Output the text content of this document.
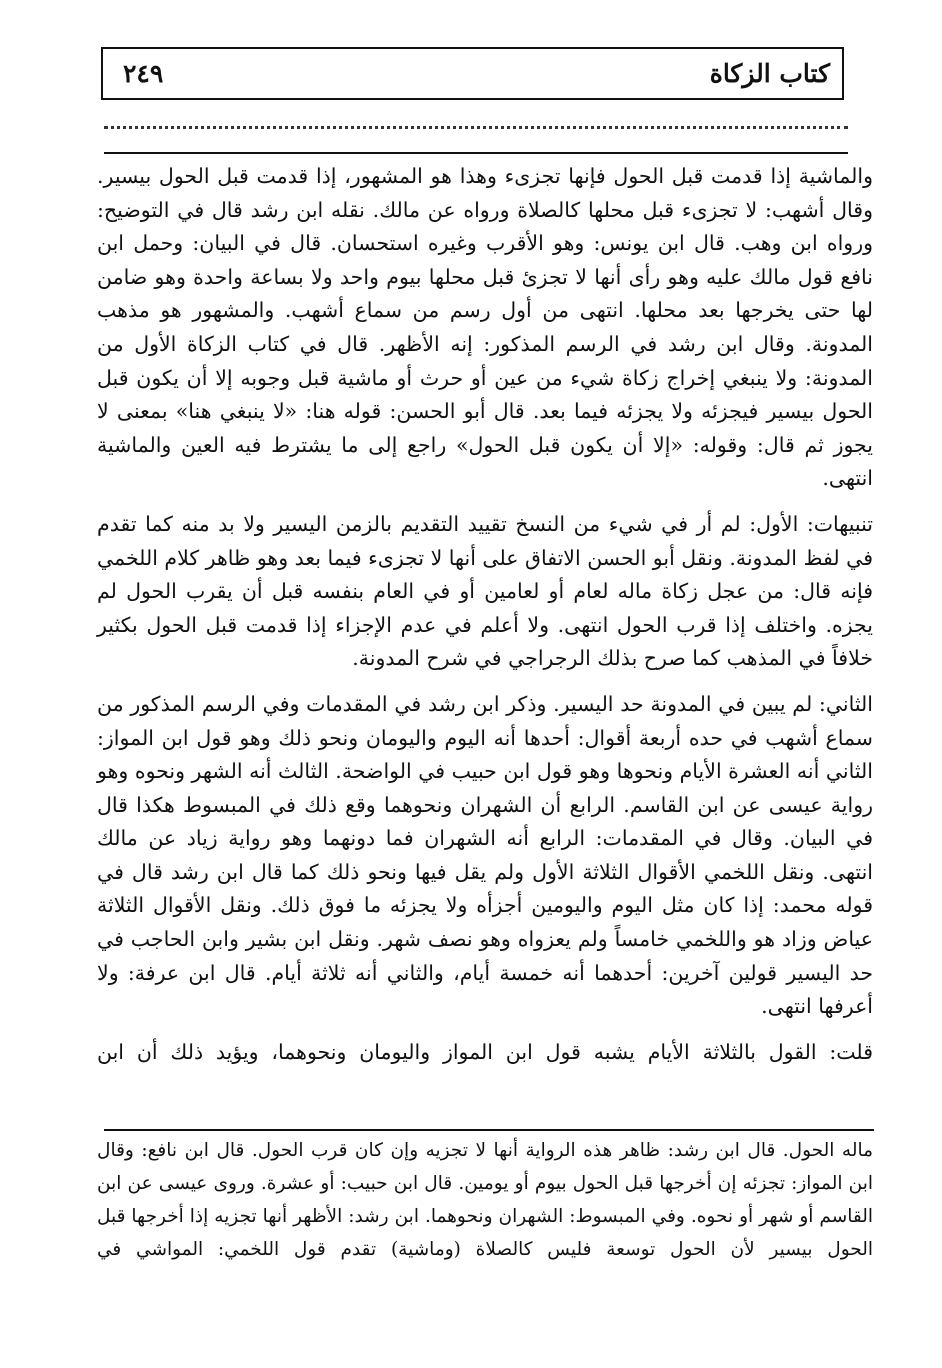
كتاب الزكاة
٢٤٩

والماشية إذا قدمت قبل الحول فإنها تجزىء وهذا هو المشهور، إذا قدمت قبل الحول بيسير. وقال أشهب: لا تجزىء قبل محلها كالصلاة ورواه عن مالك. نقله ابن رشد قال في التوضيح: ورواه ابن وهب. قال ابن يونس: وهو الأقرب وغيره استحسان. قال في البيان: وحمل ابن نافع قول مالك عليه وهو رأى أنها لا تجزئ قبل محلها بيوم واحد ولا بساعة واحدة وهو ضامن لها حتى يخرجها بعد محلها. انتهى من أول رسم من سماع أشهب. والمشهور هو مذهب المدونة. وقال ابن رشد في الرسم المذكور: إنه الأظهر. قال في كتاب الزكاة الأول من المدونة: ولا ينبغي إخراج زكاة شيء من عين أو حرث أو ماشية قبل وجوبه إلا أن يكون قبل الحول بيسير فيجزئه ولا يجزئه فيما بعد. قال أبو الحسن: قوله هنا: «لا ينبغي هنا» بمعنى لا يجوز ثم قال: وقوله: «إلا أن يكون قبل الحول» راجع إلى ما يشترط فيه العين والماشية انتهى.

تنبيهات: الأول: لم أر في شيء من النسخ تقييد التقديم بالزمن اليسير ولا بد منه كما تقدم في لفظ المدونة. ونقل أبو الحسن الاتفاق على أنها لا تجزىء فيما بعد وهو ظاهر كلام اللخمي فإنه قال: من عجل زكاة ماله لعام أو لعامين أو في العام بنفسه قبل أن يقرب الحول لم يجزه. واختلف إذا قرب الحول انتهى. ولا أعلم في عدم الإجزاء إذا قدمت قبل الحول بكثير خلافاً في المذهب كما صرح بذلك الرجراجي في شرح المدونة.

الثاني: لم يبين في المدونة حد اليسير. وذكر ابن رشد في المقدمات وفي الرسم المذكور من سماع أشهب في حده أربعة أقوال: أحدها أنه اليوم واليومان ونحو ذلك وهو قول ابن المواز: الثاني أنه العشرة الأيام ونحوها وهو قول ابن حبيب في الواضحة. الثالث أنه الشهر ونحوه وهو رواية عيسى عن ابن القاسم. الرابع أن الشهران ونحوهما وقع ذلك في المبسوط هكذا قال في البيان. وقال في المقدمات: الرابع أنه الشهران فما دونهما وهو رواية زياد عن مالك انتهى. ونقل اللخمي الأقوال الثلاثة الأول ولم يقل فيها ونحو ذلك كما قال ابن رشد قال في قوله محمد: إذا كان مثل اليوم واليومين أجزأه ولا يجزئه ما فوق ذلك. ونقل الأقوال الثلاثة عياض وزاد هو واللخمي خامساً ولم يعزواه وهو نصف شهر. ونقل ابن بشير وابن الحاجب في حد اليسير قولين آخرين: أحدهما أنه خمسة أيام، والثاني أنه ثلاثة أيام. قال ابن عرفة: ولا أعرفها انتهى.

قلت: القول بالثلاثة الأيام يشبه قول ابن المواز واليومان ونحوهما، ويؤيد ذلك أن ابن

ماله الحول. قال ابن رشد: ظاهر هذه الرواية أنها لا تجزيه وإن كان قرب الحول. قال ابن نافع: وقال ابن المواز: تجزئه إن أخرجها قبل الحول بيوم أو يومين. قال ابن حبيب: أو عشرة. وروى عيسى عن ابن القاسم أو شهر أو نحوه. وفي المبسوط: الشهران ونحوهما. ابن رشد: الأظهر أنها تجزيه إذا أخرجها قبل الحول بيسير لأن الحول توسعة فليس كالصلاة (وماشية) تقدم قول اللخمي: المواشي في
